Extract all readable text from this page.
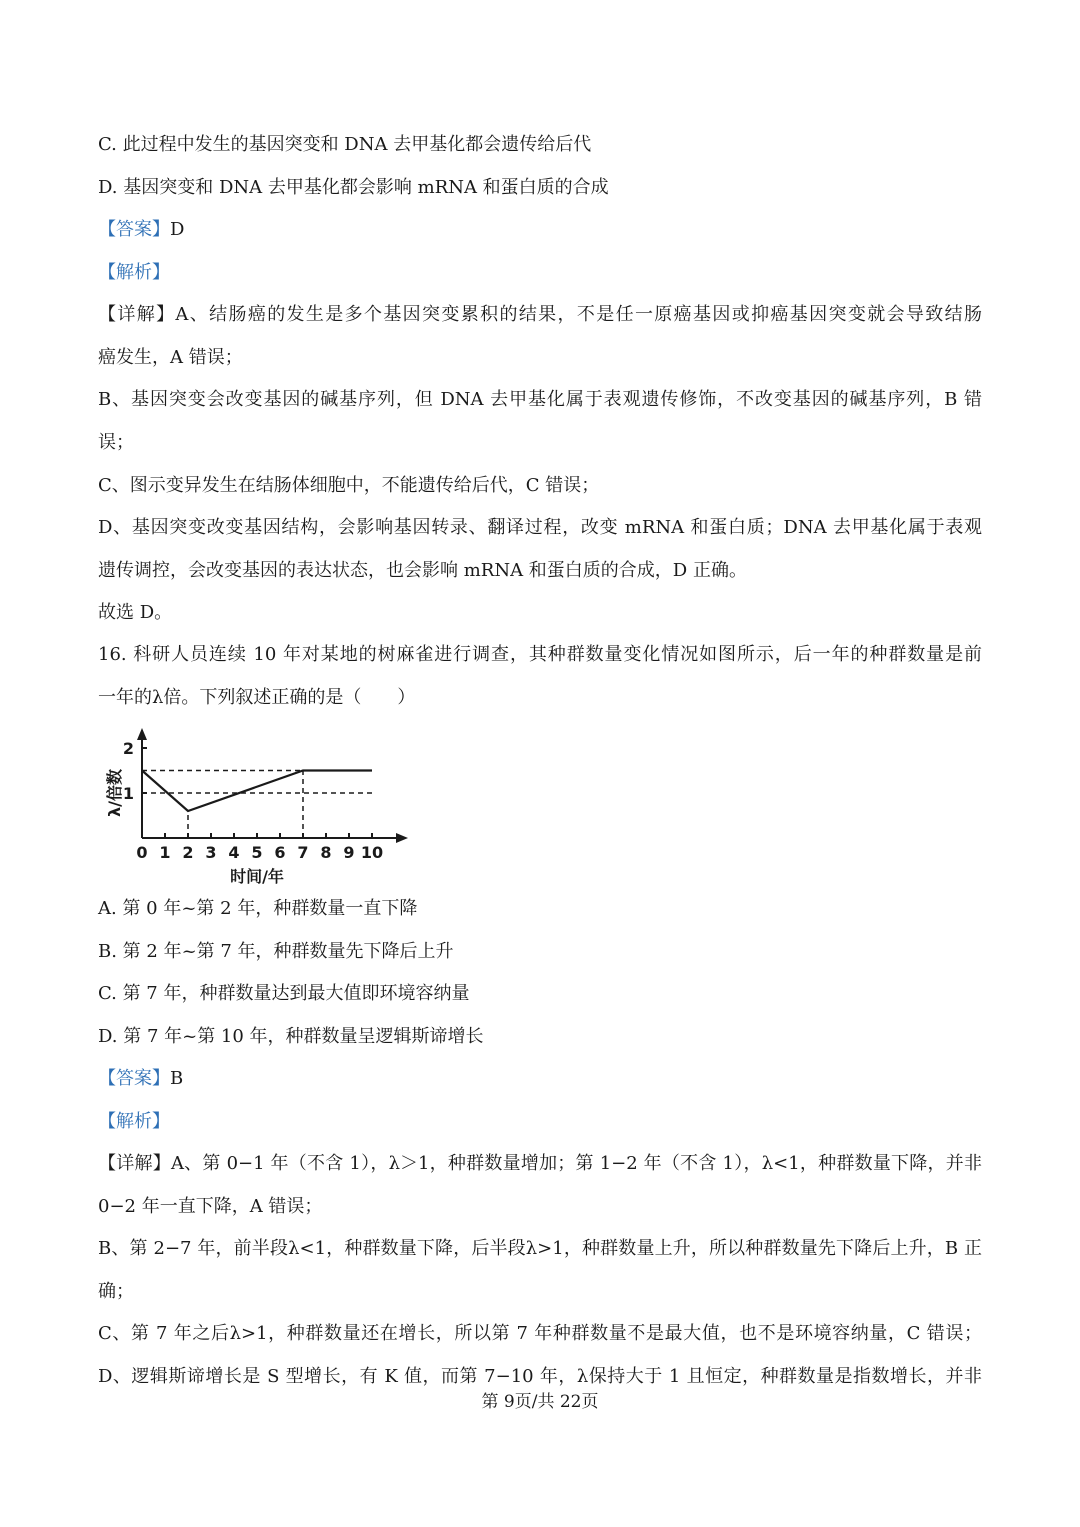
C. 此过程中发生的基因突变和 DNA 去甲基化都会遗传给后代
D. 基因突变和 DNA 去甲基化都会影响 mRNA 和蛋白质的合成
【答案】D
【解析】
【详解】A、结肠癌的发生是多个基因突变累积的结果，不是任一原癌基因或抑癌基因突变就会导致结肠
癌发生，A 错误；
B、基因突变会改变基因的碱基序列，但 DNA 去甲基化属于表观遗传修饰，不改变基因的碱基序列，B 错
误；
C、图示变异发生在结肠体细胞中，不能遗传给后代，C 错误；
D、基因突变改变基因结构，会影响基因转录、翻译过程，改变 mRNA 和蛋白质；DNA 去甲基化属于表观
遗传调控，会改变基因的表达状态，也会影响 mRNA 和蛋白质的合成，D 正确。
故选 D。
16. 科研人员连续 10 年对某地的树麻雀进行调查，其种群数量变化情况如图所示，后一年的种群数量是前
一年的λ倍。下列叙述正确的是（　　）
1
2
0 1 2 3 4 5 6 7 8 9 10
时间/年
λ/倍数
A. 第 0 年~第 2 年，种群数量一直下降
B. 第 2 年~第 7 年，种群数量先下降后上升
C. 第 7 年，种群数量达到最大值即环境容纳量
D. 第 7 年~第 10 年，种群数量呈逻辑斯谛增长
【答案】B
【解析】
【详解】A、第 0−1 年（不含 1），λ＞1，种群数量增加；第 1−2 年（不含 1），λ<1，种群数量下降，并非
0−2 年一直下降，A 错误；
B、第 2−7 年，前半段λ<1，种群数量下降，后半段λ>1，种群数量上升，所以种群数量先下降后上升，B 正
确；
C、第 7 年之后λ>1，种群数量还在增长，所以第 7 年种群数量不是最大值，也不是环境容纳量，C 错误；
D、逻辑斯谛增长是 S 型增长，有 K 值，而第 7−10 年，λ保持大于 1 且恒定，种群数量是指数增长，并非
第 9页/共 22页
